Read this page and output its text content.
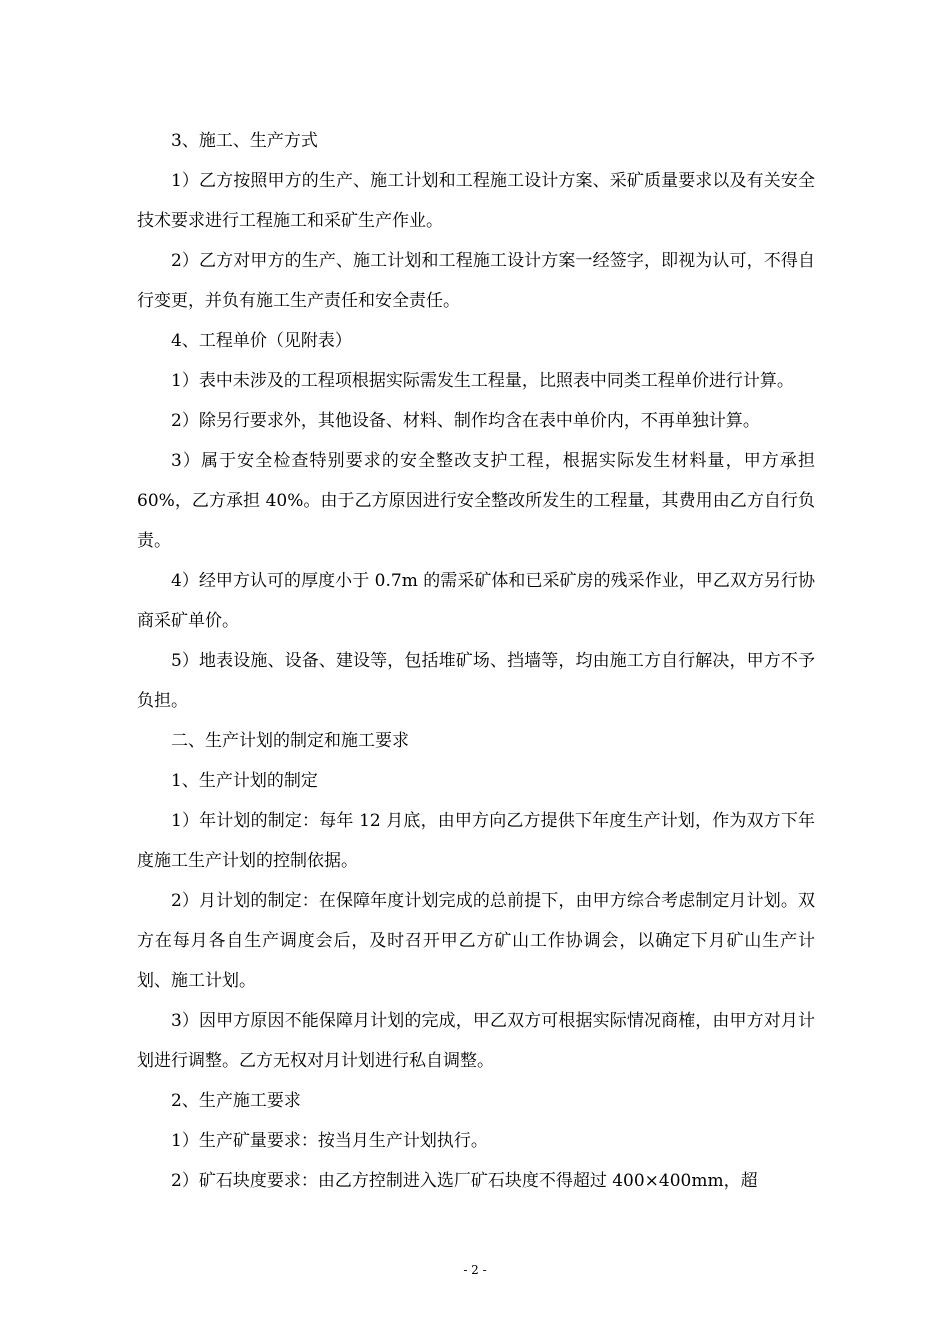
3、施工、生产方式

1）乙方按照甲方的生产、施工计划和工程施工设计方案、采矿质量要求以及有关安全技术要求进行工程施工和采矿生产作业。

2）乙方对甲方的生产、施工计划和工程施工设计方案一经签字，即视为认可，不得自行变更，并负有施工生产责任和安全责任。

4、工程单价（见附表）

1）表中未涉及的工程项根据实际需发生工程量，比照表中同类工程单价进行计算。

2）除另行要求外，其他设备、材料、制作均含在表中单价内，不再单独计算。

3）属于安全检查特别要求的安全整改支护工程，根据实际发生材料量，甲方承担 60%，乙方承担 40%。由于乙方原因进行安全整改所发生的工程量，其费用由乙方自行负责。

4）经甲方认可的厚度小于 0.7m 的需采矿体和已采矿房的残采作业，甲乙双方另行协商采矿单价。

5）地表设施、设备、建设等，包括堆矿场、挡墙等，均由施工方自行解决，甲方不予负担。

二、生产计划的制定和施工要求

1、生产计划的制定

1）年计划的制定：每年 12 月底，由甲方向乙方提供下年度生产计划，作为双方下年度施工生产计划的控制依据。

2）月计划的制定：在保障年度计划完成的总前提下，由甲方综合考虑制定月计划。双方在每月各自生产调度会后，及时召开甲乙方矿山工作协调会，以确定下月矿山生产计划、施工计划。

3）因甲方原因不能保障月计划的完成，甲乙双方可根据实际情况商榷，由甲方对月计划进行调整。乙方无权对月计划进行私自调整。

2、生产施工要求

1）生产矿量要求：按当月生产计划执行。

2）矿石块度要求：由乙方控制进入选厂矿石块度不得超过 400×400mm，超

- 2 -
